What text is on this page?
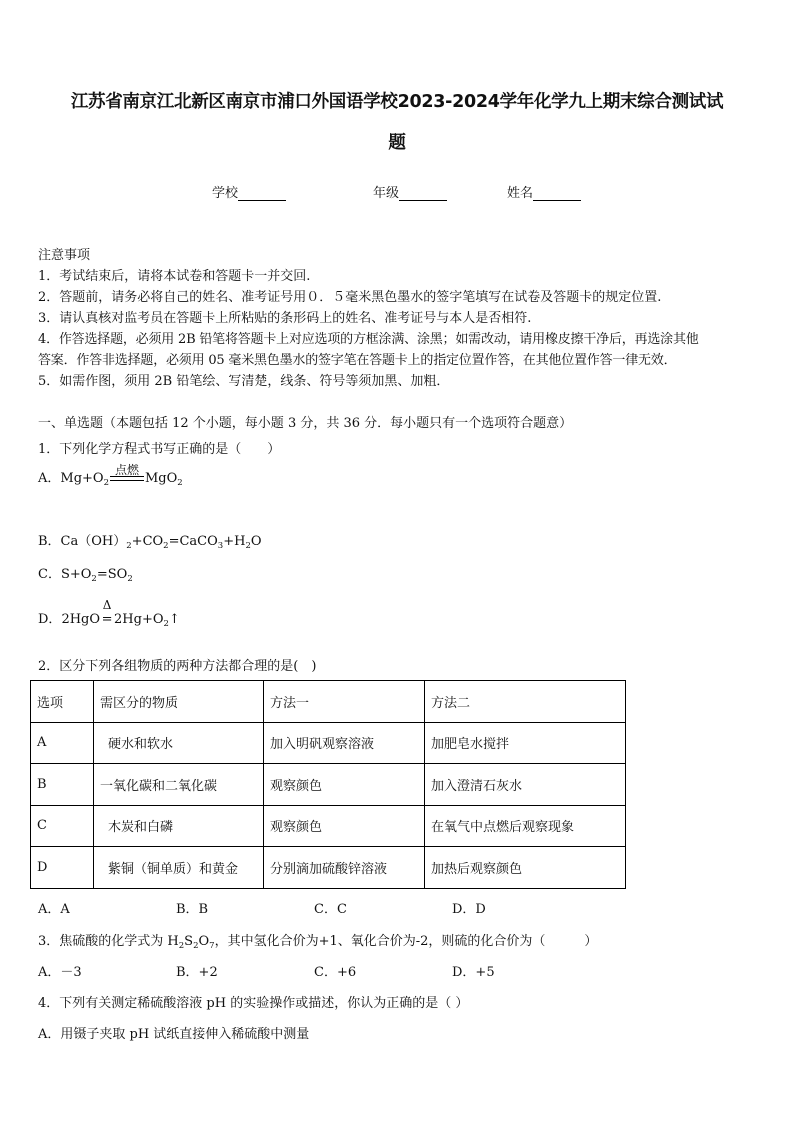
江苏省南京江北新区南京市浦口外国语学校2023-2024学年化学九上期末综合测试试
题
学校	年级	姓名
注意事项
1．考试结束后，请将本试卷和答题卡一并交回.
2．答题前，请务必将自己的姓名、准考证号用０．５毫米黑色墨水的签字笔填写在试卷及答题卡的规定位置.
3．请认真核对监考员在答题卡上所粘贴的条形码上的姓名、准考证号与本人是否相符.
4．作答选择题，必须用 2B 铅笔将答题卡上对应选项的方框涂满、涂黑；如需改动，请用橡皮擦干净后，再选涂其他
答案．作答非选择题，必须用 05 毫米黑色墨水的签字笔在答题卡上的指定位置作答，在其他位置作答一律无效．
5．如需作图，须用 2B 铅笔绘、写清楚，线条、符号等须加黑、加粗．
一、单选题（本题包括 12 个小题，每小题 3 分，共 36 分．每小题只有一个选项符合题意）
1．下列化学方程式书写正确的是（　　）
A．$Mg+O_2$
点燃
MgO$_2$
B．$Ca(OH)_2+CO_2=CaCO_3+H_2O$
C．$S+O_2=SO_2$
D．2HgO
Δ
= $2Hg+O_2↑$
2．区分下列各组物质的两种方法都合理的是(　)
选项	需区分的物质	方法一	方法二
A	硬水和软水	加入明矾观察溶液	加肥皂水搅拌
B	一氧化碳和二氧化碳	观察颜色	加入澄清石灰水
C	木炭和白磷	观察颜色	在氧气中点燃后观察现象
D	紫铜（铜单质）和黄金	分别滴加硫酸锌溶液	加热后观察颜色
A．A	B．B	C．C	D．D
3．焦硫酸的化学式为 $H_2S_2O_7$，其中氢化合价为+1、氧化合价为-2，则硫的化合价为（　　　）
A．－3	B．+2	C．+6	D．+5
4．下列有关测定稀硫酸溶液 pH 的实验操作或描述，你认为正确的是（ ）
A．用镊子夹取 pH 试纸直接伸入稀硫酸中测量
